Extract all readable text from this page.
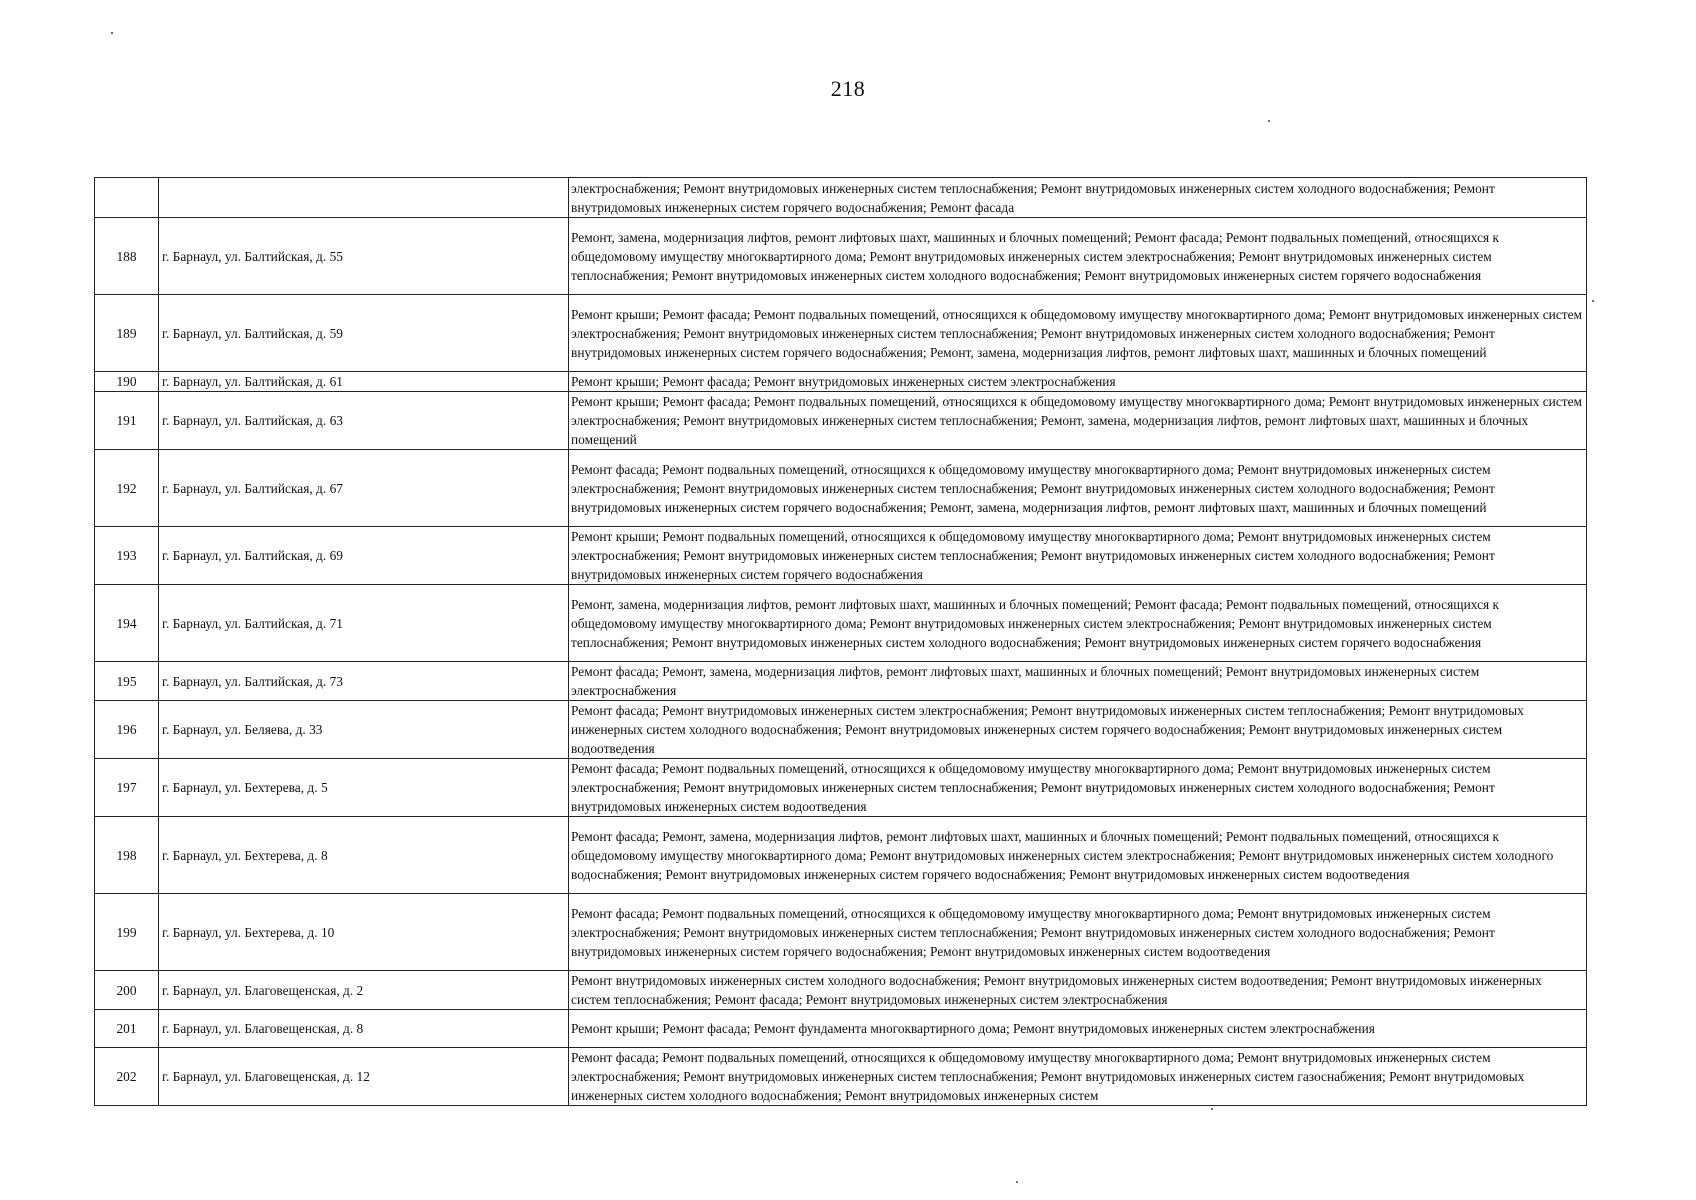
218
		электроснабжения; Ремонт внутридомовых инженерных систем теплоснабжения; Ремонт внутридомовых инженерных систем холодного водоснабжения; Ремонт внутридомовых инженерных систем горячего водоснабжения; Ремонт фасада
188	г. Барнаул, ул. Балтийская, д. 55	Ремонт, замена, модернизация лифтов, ремонт лифтовых шахт, машинных и блочных помещений; Ремонт фасада; Ремонт подвальных помещений, относящихся к общедомовому имуществу многоквартирного дома; Ремонт внутридомовых инженерных систем электроснабжения; Ремонт внутридомовых инженерных систем теплоснабжения; Ремонт внутридомовых инженерных систем холодного водоснабжения; Ремонт внутридомовых инженерных систем горячего водоснабжения
189	г. Барнаул, ул. Балтийская, д. 59	Ремонт крыши; Ремонт фасада; Ремонт подвальных помещений, относящихся к общедомовому имуществу многоквартирного дома; Ремонт внутридомовых инженерных систем электроснабжения; Ремонт внутридомовых инженерных систем теплоснабжения; Ремонт внутридомовых инженерных систем холодного водоснабжения; Ремонт внутридомовых инженерных систем горячего водоснабжения; Ремонт, замена, модернизация лифтов, ремонт лифтовых шахт, машинных и блочных помещений
190	г. Барнаул, ул. Балтийская, д. 61	Ремонт крыши; Ремонт фасада; Ремонт внутридомовых инженерных систем электроснабжения
191	г. Барнаул, ул. Балтийская, д. 63	Ремонт крыши; Ремонт фасада; Ремонт подвальных помещений, относящихся к общедомовому имуществу многоквартирного дома; Ремонт внутридомовых инженерных систем электроснабжения; Ремонт внутридомовых инженерных систем теплоснабжения; Ремонт, замена, модернизация лифтов, ремонт лифтовых шахт, машинных и блочных помещений
192	г. Барнаул, ул. Балтийская, д. 67	Ремонт фасада; Ремонт подвальных помещений, относящихся к общедомовому имуществу многоквартирного дома; Ремонт внутридомовых инженерных систем электроснабжения; Ремонт внутридомовых инженерных систем теплоснабжения; Ремонт внутридомовых инженерных систем холодного водоснабжения; Ремонт внутридомовых инженерных систем горячего водоснабжения; Ремонт, замена, модернизация лифтов, ремонт лифтовых шахт, машинных и блочных помещений
193	г. Барнаул, ул. Балтийская, д. 69	Ремонт крыши; Ремонт подвальных помещений, относящихся к общедомовому имуществу многоквартирного дома; Ремонт внутридомовых инженерных систем электроснабжения; Ремонт внутридомовых инженерных систем теплоснабжения; Ремонт внутридомовых инженерных систем холодного водоснабжения; Ремонт внутридомовых инженерных систем горячего водоснабжения
194	г. Барнаул, ул. Балтийская, д. 71	Ремонт, замена, модернизация лифтов, ремонт лифтовых шахт, машинных и блочных помещений; Ремонт фасада; Ремонт подвальных помещений, относящихся к общедомовому имуществу многоквартирного дома; Ремонт внутридомовых инженерных систем электроснабжения; Ремонт внутридомовых инженерных систем теплоснабжения; Ремонт внутридомовых инженерных систем холодного водоснабжения; Ремонт внутридомовых инженерных систем горячего водоснабжения
195	г. Барнаул, ул. Балтийская, д. 73	Ремонт фасада; Ремонт, замена, модернизация лифтов, ремонт лифтовых шахт, машинных и блочных помещений; Ремонт внутридомовых инженерных систем электроснабжения
196	г. Барнаул, ул. Беляева, д. 33	Ремонт фасада; Ремонт внутридомовых инженерных систем электроснабжения; Ремонт внутридомовых инженерных систем теплоснабжения; Ремонт внутридомовых инженерных систем холодного водоснабжения; Ремонт внутридомовых инженерных систем горячего водоснабжения; Ремонт внутридомовых инженерных систем водоотведения
197	г. Барнаул, ул. Бехтерева, д. 5	Ремонт фасада; Ремонт подвальных помещений, относящихся к общедомовому имуществу многоквартирного дома; Ремонт внутридомовых инженерных систем электроснабжения; Ремонт внутридомовых инженерных систем теплоснабжения; Ремонт внутридомовых инженерных систем холодного водоснабжения; Ремонт внутридомовых инженерных систем водоотведения
198	г. Барнаул, ул. Бехтерева, д. 8	Ремонт фасада; Ремонт, замена, модернизация лифтов, ремонт лифтовых шахт, машинных и блочных помещений; Ремонт подвальных помещений, относящихся к общедомовому имуществу многоквартирного дома; Ремонт внутридомовых инженерных систем электроснабжения; Ремонт внутридомовых инженерных систем холодного водоснабжения; Ремонт внутридомовых инженерных систем горячего водоснабжения; Ремонт внутридомовых инженерных систем водоотведения
199	г. Барнаул, ул. Бехтерева, д. 10	Ремонт фасада; Ремонт подвальных помещений, относящихся к общедомовому имуществу многоквартирного дома; Ремонт внутридомовых инженерных систем электроснабжения; Ремонт внутридомовых инженерных систем теплоснабжения; Ремонт внутридомовых инженерных систем холодного водоснабжения; Ремонт внутридомовых инженерных систем горячего водоснабжения; Ремонт внутридомовых инженерных систем водоотведения
200	г. Барнаул, ул. Благовещенская, д. 2	Ремонт внутридомовых инженерных систем холодного водоснабжения; Ремонт внутридомовых инженерных систем водоотведения; Ремонт внутридомовых инженерных систем теплоснабжения; Ремонт фасада; Ремонт внутридомовых инженерных систем электроснабжения
201	г. Барнаул, ул. Благовещенская, д. 8	Ремонт крыши; Ремонт фасада; Ремонт фундамента многоквартирного дома; Ремонт внутридомовых инженерных систем электроснабжения
202	г. Барнаул, ул. Благовещенская, д. 12	Ремонт фасада; Ремонт подвальных помещений, относящихся к общедомовому имуществу многоквартирного дома; Ремонт внутридомовых инженерных систем электроснабжения; Ремонт внутридомовых инженерных систем теплоснабжения; Ремонт внутридомовых инженерных систем газоснабжения; Ремонт внутридомовых инженерных систем холодного водоснабжения; Ремонт внутридомовых инженерных систем
